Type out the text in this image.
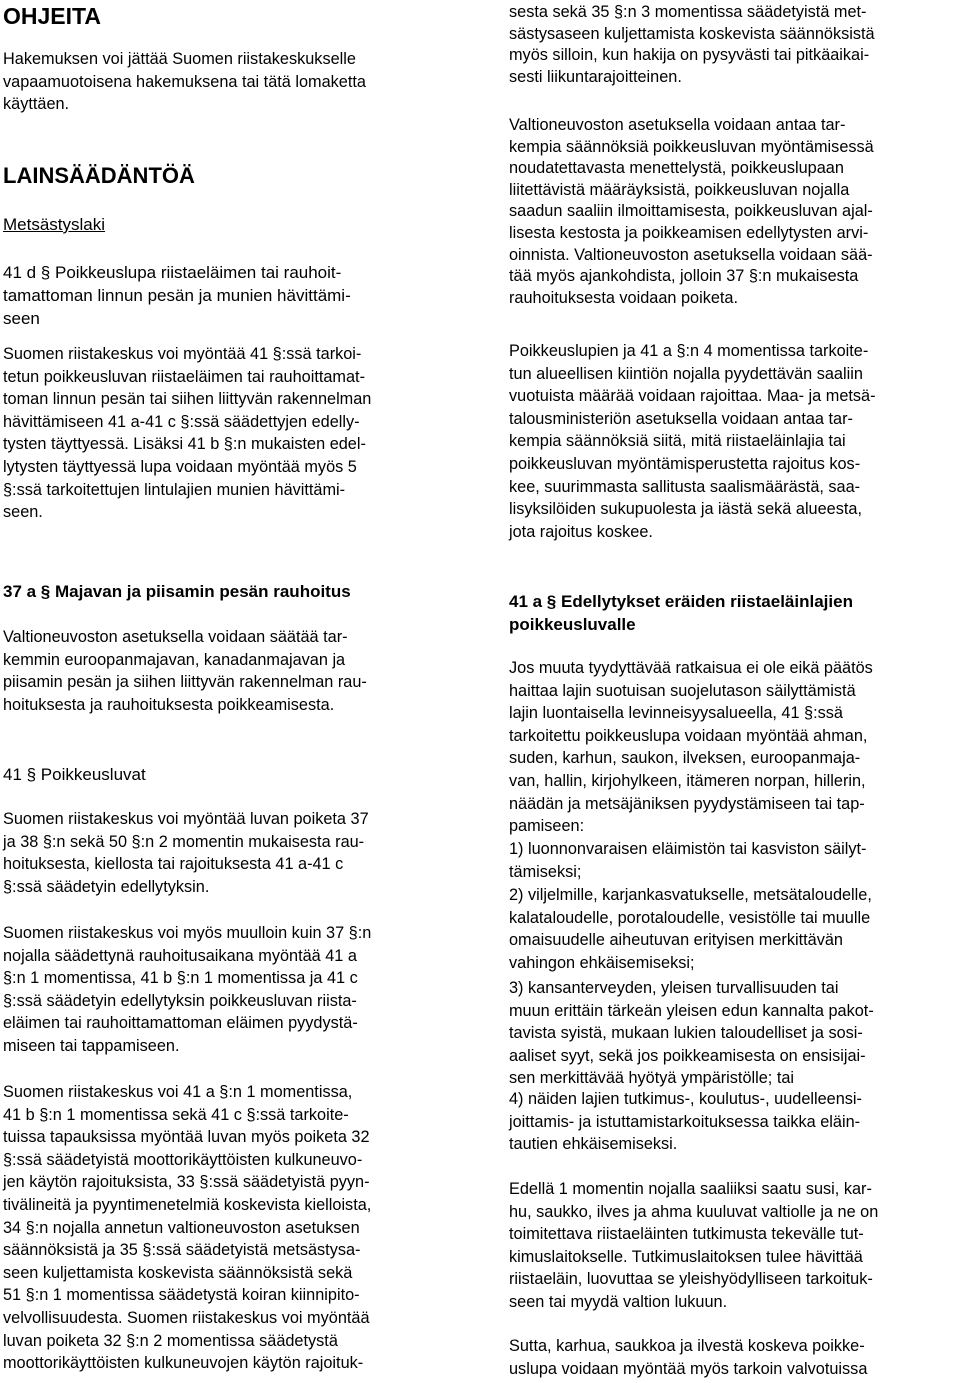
OHJEITA

Hakemuksen voi jättää Suomen riistakeskukselle
vapaamuotoisena hakemuksena tai tätä lomaketta
käyttäen.

LAINSÄÄDÄNTÖÄ

Metsästyslaki

41 d § Poikkeuslupa riistaeläimen tai rauhoit-
tamattoman linnun pesän ja munien hävittämi-
seen

Suomen riistakeskus voi myöntää 41 §:ssä tarkoi-
tetun poikkeusluvan riistaeläimen tai rauhoittamat-
toman linnun pesän tai siihen liittyvän rakennelman
hävittämiseen 41 a-41 c §:ssä säädettyjen edelly-
tysten täyttyessä. Lisäksi 41 b §:n mukaisten edel-
lytysten täyttyessä lupa voidaan myöntää myös 5
§:ssä tarkoitettujen lintulajien munien hävittämi-
seen.

37 a § Majavan ja piisamin pesän rauhoitus

Valtioneuvoston asetuksella voidaan säätää tar-
kemmin euroopanmajavan, kanadanmajavan ja
piisamin pesän ja siihen liittyvän rakennelman rau-
hoituksesta ja rauhoituksesta poikkeamisesta.

41 § Poikkeusluvat

Suomen riistakeskus voi myöntää luvan poiketa 37
ja 38 §:n sekä 50 §:n 2 momentin mukaisesta rau-
hoituksesta, kiellosta tai rajoituksesta 41 a-41 c
§:ssä säädetyin edellytyksin.

Suomen riistakeskus voi myös muulloin kuin 37 §:n
nojalla säädettynä rauhoitusaikana myöntää 41 a
§:n 1 momentissa, 41 b §:n 1 momentissa ja 41 c
§:ssä säädetyin edellytyksin poikkeusluvan riista-
eläimen tai rauhoittamattoman eläimen pyydystä-
miseen tai tappamiseen.

Suomen riistakeskus voi 41 a §:n 1 momentissa,
41 b §:n 1 momentissa sekä 41 c §:ssä tarkoite-
tuissa tapauksissa myöntää luvan myös poiketa 32
§:ssä säädetyistä moottorikäyttöisten kulkuneuvo-
jen käytön rajoituksista, 33 §:ssä säädetyistä pyyn-
tivälineitä ja pyyntimenetelmiä koskevista kielloista,
34 §:n nojalla annetun valtioneuvoston asetuksen
säännöksistä ja 35 §:ssä säädetyistä metsästysa-
seen kuljettamista koskevista säännöksistä sekä
51 §:n 1 momentissa säädetystä koiran kiinnipito-
velvollisuudesta. Suomen riistakeskus voi myöntää
luvan poiketa 32 §:n 2 momentissa säädetystä
moottorikäyttöisten kulkuneuvojen käytön rajoituk-

sesta sekä 35 §:n 3 momentissa säädetyistä met-
sästysaseen kuljettamista koskevista säännöksistä
myös silloin, kun hakija on pysyvästi tai pitkäaikai-
sesti liikuntarajoitteinen.

Valtioneuvoston asetuksella voidaan antaa tar-
kempia säännöksiä poikkeusluvan myöntämisessä
noudatettavasta menettelystä, poikkeuslupaan
liitettävistä määräyksistä, poikkeusluvan nojalla
saadun saaliin ilmoittamisesta, poikkeusluvan ajal-
lisesta kestosta ja poikkeamisen edellytysten arvi-
oinnista. Valtioneuvoston asetuksella voidaan sää-
tää myös ajankohdista, jolloin 37 §:n mukaisesta
rauhoituksesta voidaan poiketa.

Poikkeuslupien ja 41 a §:n 4 momentissa tarkoite-
tun alueellisen kiintiön nojalla pyydettävän saaliin
vuotuista määrää voidaan rajoittaa. Maa- ja metsä-
talousministeriön asetuksella voidaan antaa tar-
kempia säännöksiä siitä, mitä riistaeläinlajia tai
poikkeusluvan myöntämisperustetta rajoitus kos-
kee, suurimmasta sallitusta saalismäärästä, saa-
lisyksilöiden sukupuolesta ja iästä sekä alueesta,
jota rajoitus koskee.

41 a § Edellytykset eräiden riistaeläinlajien
poikkeusluvalle

Jos muuta tyydyttävää ratkaisua ei ole eikä päätös
haittaa lajin suotuisan suojelutason säilyttämistä
lajin luontaisella levinneisyysalueella, 41 §:ssä
tarkoitettu poikkeuslupa voidaan myöntää ahman,
suden, karhun, saukon, ilveksen, euroopanmaja-
van, hallin, kirjohylkeen, itämeren norpan, hillerin,
näädän ja metsäjäniksen pyydystämiseen tai tap-
pamiseen:

1) luonnonvaraisen eläimistön tai kasviston säilyt-
tämiseksi;

2) viljelmille, karjankasvatukselle, metsätaloudelle,
kalataloudelle, porotaloudelle, vesistölle tai muulle
omaisuudelle aiheutuvan erityisen merkittävän
vahingon ehkäisemiseksi;

3) kansanterveyden, yleisen turvallisuuden tai
muun erittäin tärkeän yleisen edun kannalta pakot-
tavista syistä, mukaan lukien taloudelliset ja sosi-
aaliset syyt, sekä jos poikkeamisesta on ensisijai-
sen merkittävää hyötyä ympäristölle; tai

4) näiden lajien tutkimus-, koulutus-, uudelleensi-
joittamis- ja istuttamistarkoituksessa taikka eläin-
tautien ehkäisemiseksi.

Edellä 1 momentin nojalla saaliiksi saatu susi, kar-
hu, saukko, ilves ja ahma kuuluvat valtiolle ja ne on
toimitettava riistaeläinten tutkimusta tekevälle tut-
kimuslaitokselle. Tutkimuslaitoksen tulee hävittää
riistaeläin, luovuttaa se yleishyödylliseen tarkoituk-
seen tai myydä valtion lukuun.

Sutta, karhua, saukkoa ja ilvestä koskeva poikke-
uslupa voidaan myöntää myös tarkoin valvotuissa
